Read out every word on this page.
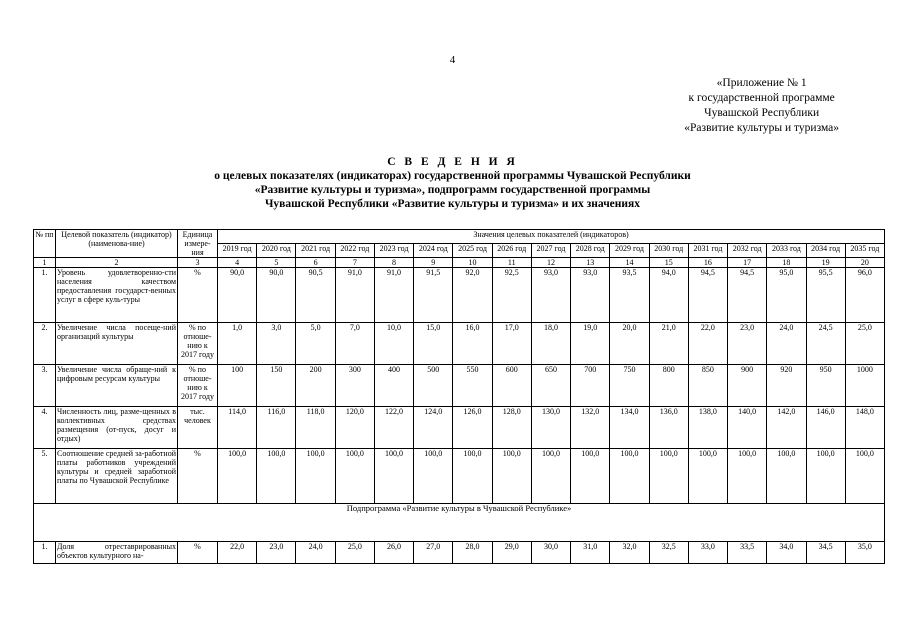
4
«Приложение № 1
к государственной программе
Чувашской Республики
«Развитие культуры и туризма»
С В Е Д Е Н И Я
о целевых показателях (индикаторах) государственной программы Чувашской Республики
«Развитие культуры и туризма», подпрограмм государственной программы
Чувашской Республики «Развитие культуры и туризма» и их значениях
№ пп	Целевой показатель (индикатор) (наименова-ние)	Единица измере-ния	Значения целевых показателей (индикаторов)																
			2019 год	2020 год	2021 год	2022 год	2023 год	2024 год	2025 год	2026 год	2027 год	2028 год	2029 год	2030 год	2031 год	2032 год	2033 год	2034 год	2035 год
1	2	3	4	5	6	7	8	9	10	11	12	13	14	15	16	17	18	19	20
1.	Уровень удовлетворенно-сти населения качеством предоставления государст-венных услуг в сфере куль-туры	%	90,0	90,0	90,5	91,0	91,0	91,5	92,0	92,5	93,0	93,0	93,5	94,0	94,5	94,5	95,0	95,5	96,0
2.	Увеличение числа посеще-ний организаций культуры	% по отноше-нию к 2017 году	1,0	3,0	5,0	7,0	10,0	15,0	16,0	17,0	18,0	19,0	20,0	21,0	22,0	23,0	24,0	24,5	25,0
3.	Увеличение числа обраще-ний к цифровым ресурсам культуры	% по отноше-нию к 2017 году	100	150	200	300	400	500	550	600	650	700	750	800	850	900	920	950	1000
4.	Численность лиц, разме-щенных в коллективных средствах размещения (от-пуск, досуг и отдых)	тыс. человек	114,0	116,0	118,0	120,0	122,0	124,0	126,0	128,0	130,0	132,0	134,0	136,0	138,0	140,0	142,0	146,0	148,0
5.	Соотношение средней за-работной платы работников учреждений культуры и средней заработной платы по Чувашской Республике	%	100,0	100,0	100,0	100,0	100,0	100,0	100,0	100,0	100,0	100,0	100,0	100,0	100,0	100,0	100,0	100,0	100,0
Подпрограмма «Развитие культуры в Чувашской Республике»																			
1.	Доля отреставрированных объектов культурного на-	%	22,0	23,0	24,0	25,0	26,0	27,0	28,0	29,0	30,0	31,0	32,0	32,5	33,0	33,5	34,0	34,5	35,0
